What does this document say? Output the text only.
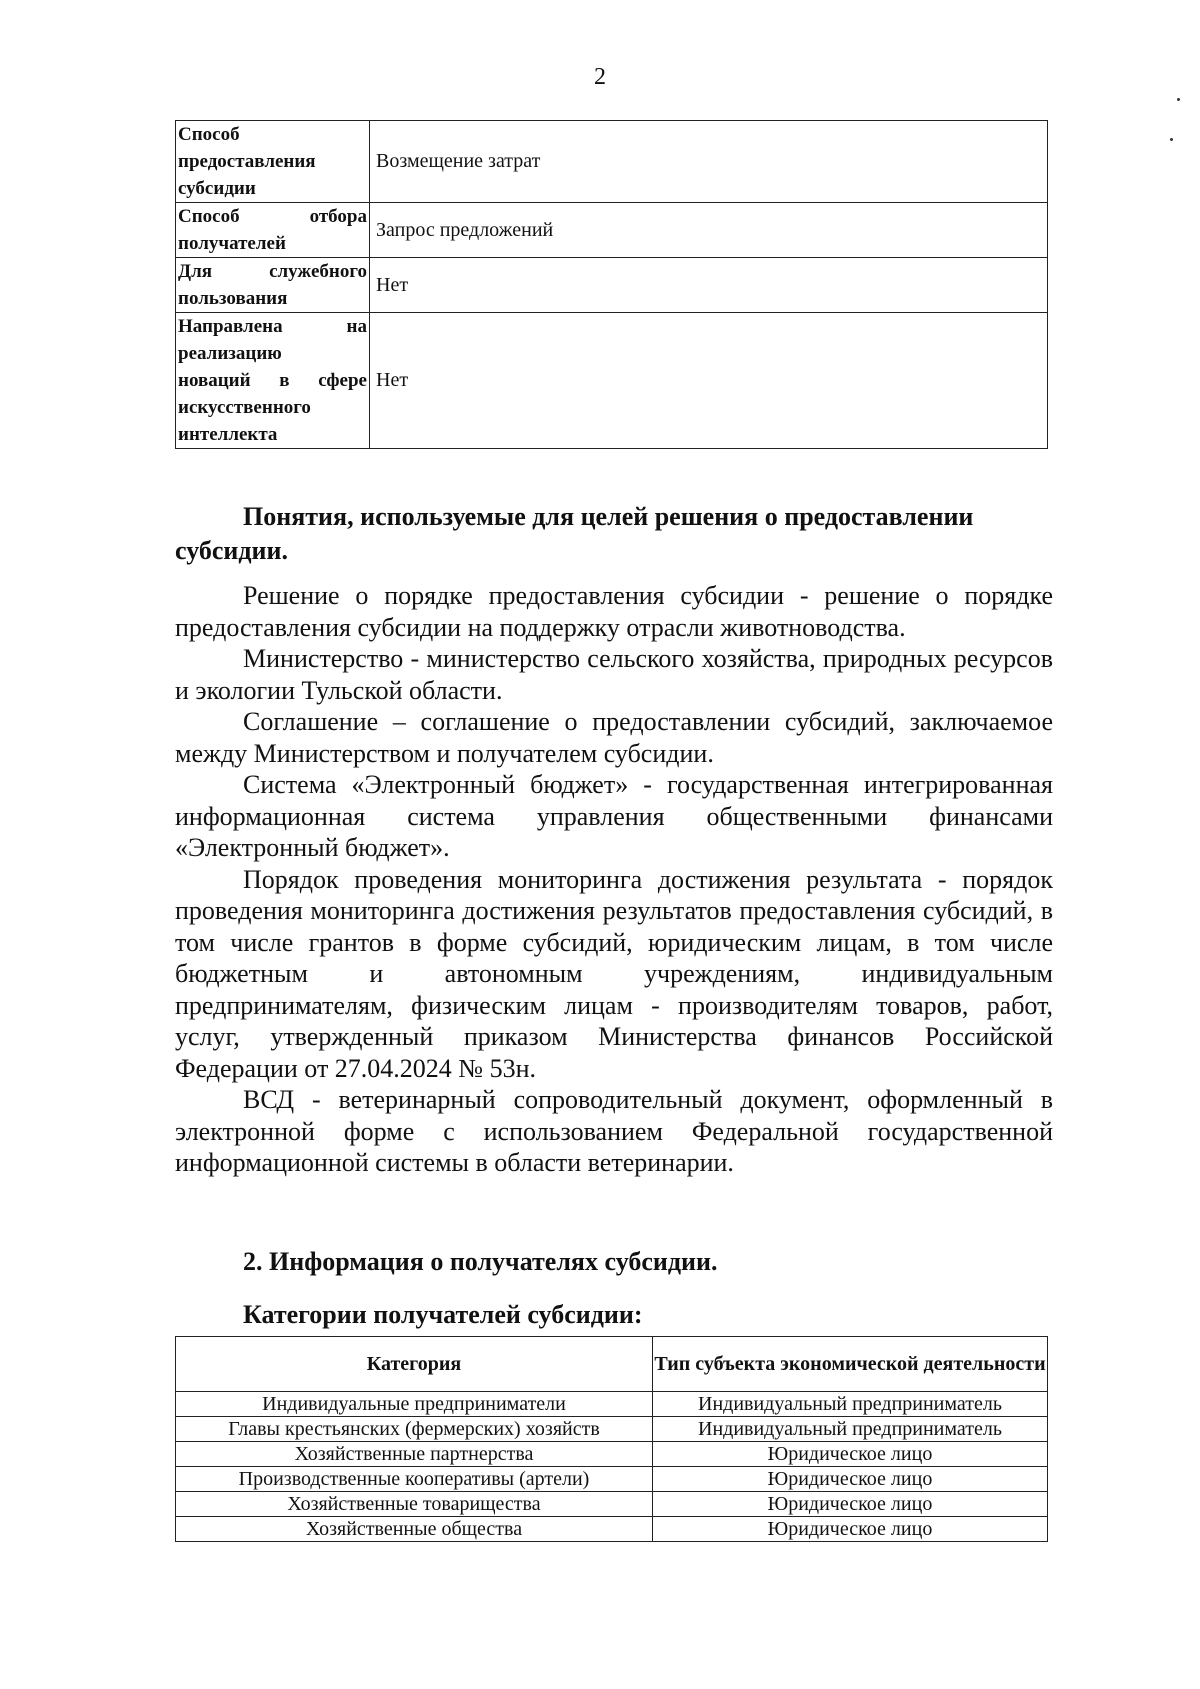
2
Способ
предоставления
субсидии	Возмещение затрат

Способ отбора
получателей	Запрос предложений

Для служебного
пользования	Нет

Направлена на
реализацию
новаций в сфере
искусственного
интеллекта	Нет
Понятия, используемые для целей решения о предоставлении субсидии.

Решение о порядке предоставления субсидии - решение о порядке предоставления субсидии на поддержку отрасли животноводства.

Министерство - министерство сельского хозяйства, природных ресурсов и экологии Тульской области.

Соглашение – соглашение о предоставлении субсидий, заключаемое между Министерством и получателем субсидии.

Система «Электронный бюджет» - государственная интегрированная информационная система управления общественными финансами «Электронный бюджет».

Порядок проведения мониторинга достижения результата - порядок проведения мониторинга достижения результатов предоставления субсидий, в том числе грантов в форме субсидий, юридическим лицам, в том числе бюджетным и автономным учреждениям, индивидуальным предпринимателям, физическим лицам - производителям товаров, работ, услуг, утвержденный приказом Министерства финансов Российской Федерации от 27.04.2024 № 53н.

ВСД - ветеринарный сопроводительный документ, оформленный в электронной форме с использованием Федеральной государственной информационной системы в области ветеринарии.

2. Информация о получателях субсидии.
Категории получателей субсидии:
Категория	Тип субъекта экономической деятельности
Индивидуальные предприниматели	Индивидуальный предприниматель
Главы крестьянских (фермерских) хозяйств	Индивидуальный предприниматель
Хозяйственные партнерства	Юридическое лицо
Производственные кооперативы (артели)	Юридическое лицо
Хозяйственные товарищества	Юридическое лицо
Хозяйственные общества	Юридическое лицо
